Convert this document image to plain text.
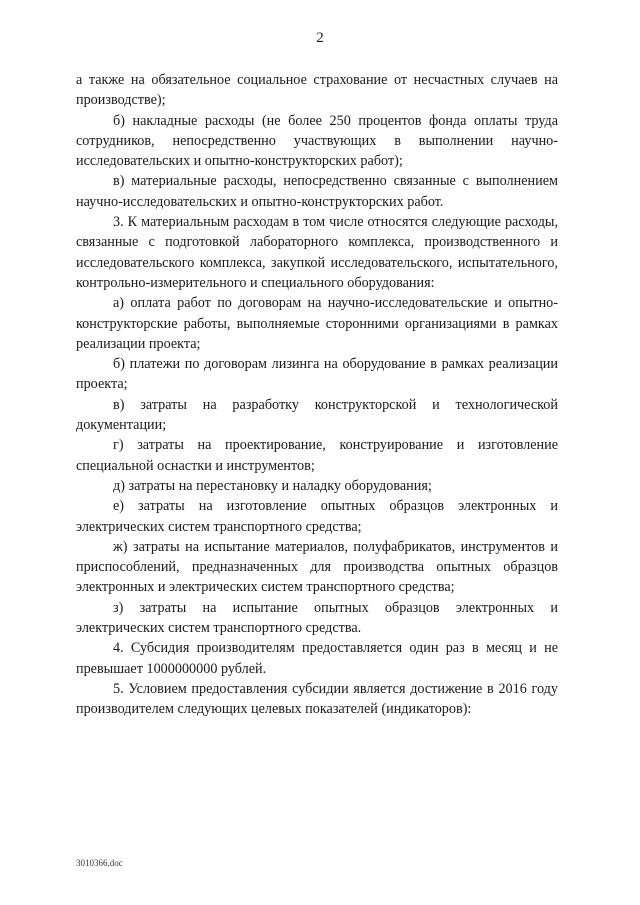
2

а также на обязательное социальное страхование от несчастных случаев на производстве);

б) накладные расходы (не более 250 процентов фонда оплаты труда сотрудников, непосредственно участвующих в выполнении научно-исследовательских и опытно-конструкторских работ);

в) материальные расходы, непосредственно связанные с выполнением научно-исследовательских и опытно-конструкторских работ.

3. К материальным расходам в том числе относятся следующие расходы, связанные с подготовкой лабораторного комплекса, производственного и исследовательского комплекса, закупкой исследовательского, испытательного, контрольно-измерительного и специального оборудования:

а) оплата работ по договорам на научно-исследовательские и опытно-конструкторские работы, выполняемые сторонними организациями в рамках реализации проекта;

б) платежи по договорам лизинга на оборудование в рамках реализации проекта;

в) затраты на разработку конструкторской и технологической документации;

г) затраты на проектирование, конструирование и изготовление специальной оснастки и инструментов;

д) затраты на перестановку и наладку оборудования;

е) затраты на изготовление опытных образцов электронных и электрических систем транспортного средства;

ж) затраты на испытание материалов, полуфабрикатов, инструментов и приспособлений, предназначенных для производства опытных образцов электронных и электрических систем транспортного средства;

з) затраты на испытание опытных образцов электронных и электрических систем транспортного средства.

4. Субсидия производителям предоставляется один раз в месяц и не превышает 1000000000 рублей.

5. Условием предоставления субсидии является достижение в 2016 году производителем следующих целевых показателей (индикаторов):

3010366.doc
